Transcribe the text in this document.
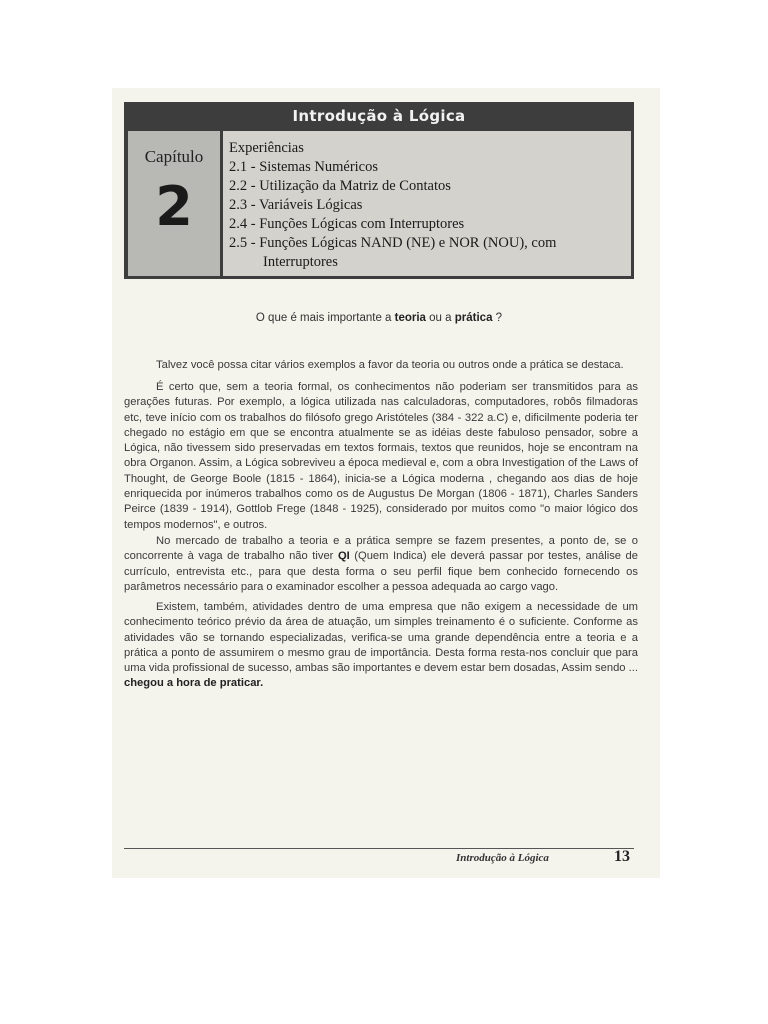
Introdução à Lógica
Capítulo
2
Experiências
2.1 - Sistemas Numéricos
2.2 - Utilização da Matriz de Contatos
2.3 - Variáveis Lógicas
2.4 - Funções Lógicas com Interruptores
2.5 - Funções Lógicas NAND (NE) e NOR (NOU), com
Interruptores
O que é mais importante a teoria ou a prática ?

Talvez você possa citar vários exemplos a favor da teoria ou outros onde a prática se destaca.

É certo que, sem a teoria formal, os conhecimentos não poderiam ser transmitidos para as gerações futuras. Por exemplo, a lógica utilizada nas calculadoras, computadores, robôs filmadoras etc, teve início com os trabalhos do filósofo grego Aristóteles (384 - 322 a.C) e, dificilmente poderia ter chegado no estágio em que se encontra atualmente se as idéias deste fabuloso pensador, sobre a Lógica, não tivessem sido preservadas em textos formais, textos que reunidos, hoje se encontram na obra Organon. Assim, a Lógica sobreviveu a época medieval e, com a obra Investigation of the Laws of Thought, de George Boole (1815 - 1864), inicia-se a Lógica moderna , chegando aos dias de hoje enriquecida por inúmeros trabalhos como os de Augustus De Morgan (1806 - 1871), Charles Sanders Peirce (1839 - 1914), Gottlob Frege (1848 - 1925), considerado por muitos como "o maior lógico dos tempos modernos", e outros.

No mercado de trabalho a teoria e a prática sempre se fazem presentes, a ponto de, se o concorrente à vaga de trabalho não tiver QI (Quem Indica) ele deverá passar por testes, análise de currículo, entrevista etc., para que desta forma o seu perfil fique bem conhecido fornecendo os parâmetros necessário para o examinador escolher a pessoa adequada ao cargo vago.

Existem, também, atividades dentro de uma empresa que não exigem a necessidade de um conhecimento teórico prévio da área de atuação, um simples treinamento é o suficiente. Conforme as atividades vão se tornando especializadas, verifica-se uma grande dependência entre a teoria e a prática a ponto de assumirem o mesmo grau de importância. Desta forma resta-nos concluir que para uma vida profissional de sucesso, ambas são importantes e devem estar bem dosadas, Assim sendo ... chegou a hora de praticar.

Introdução à Lógica	13
